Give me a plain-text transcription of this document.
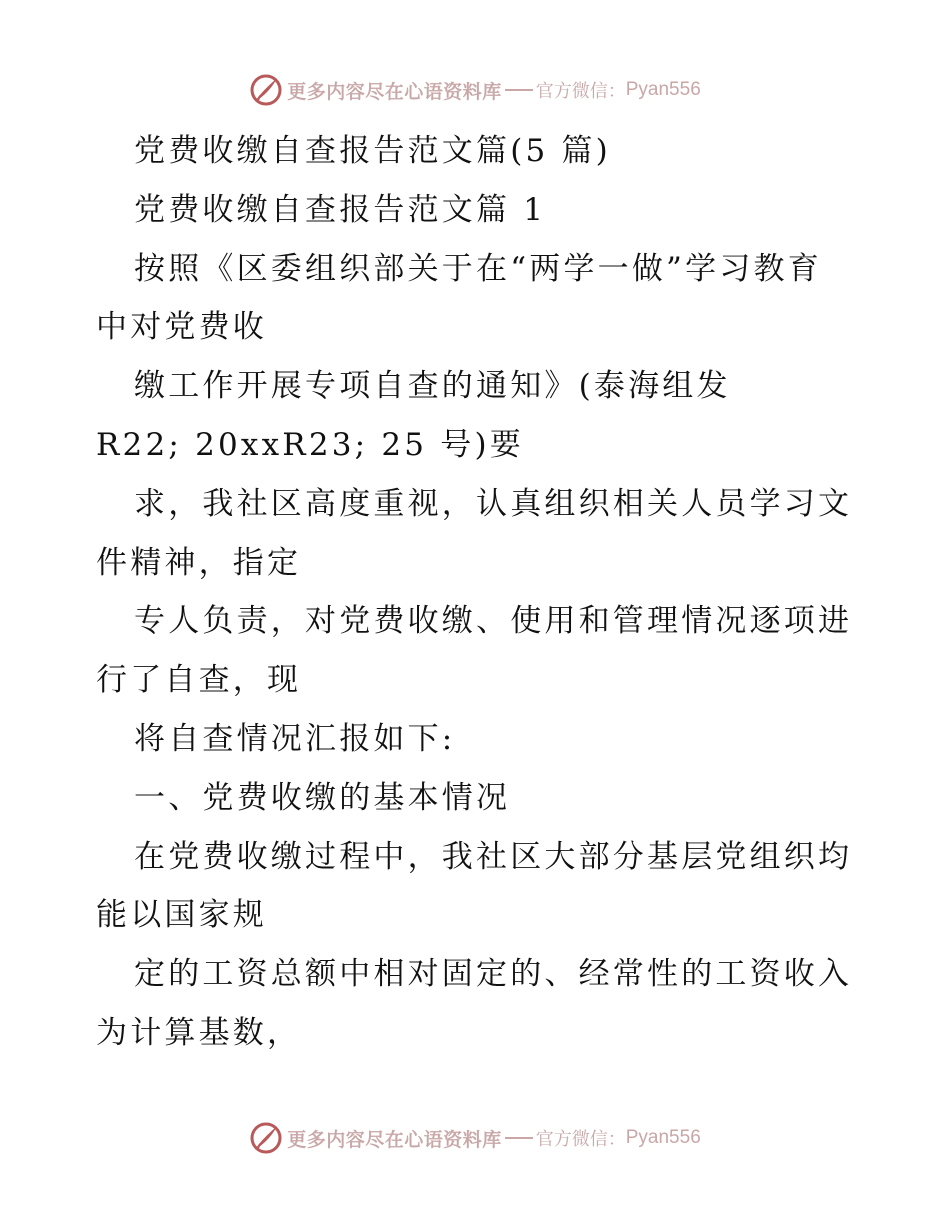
更多内容尽在心语资料库 官方微信： Pyan556

党费收缴自查报告范文篇(5 篇)

党费收缴自查报告范文篇 1

按照《区委组织部关于在“两学一做”学习教育

中对党费收

缴工作开展专项自查的通知》(泰海组发

R22; 20xxR23; 25 号)要

求，我社区高度重视，认真组织相关人员学习文

件精神，指定

专人负责，对党费收缴、使用和管理情况逐项进

行了自查，现

将自查情况汇报如下:

一、党费收缴的基本情况

在党费收缴过程中，我社区大部分基层党组织均

能以国家规

定的工资总额中相对固定的、经常性的工资收入

为计算基数，

更多内容尽在心语资料库 官方微信： Pyan556
